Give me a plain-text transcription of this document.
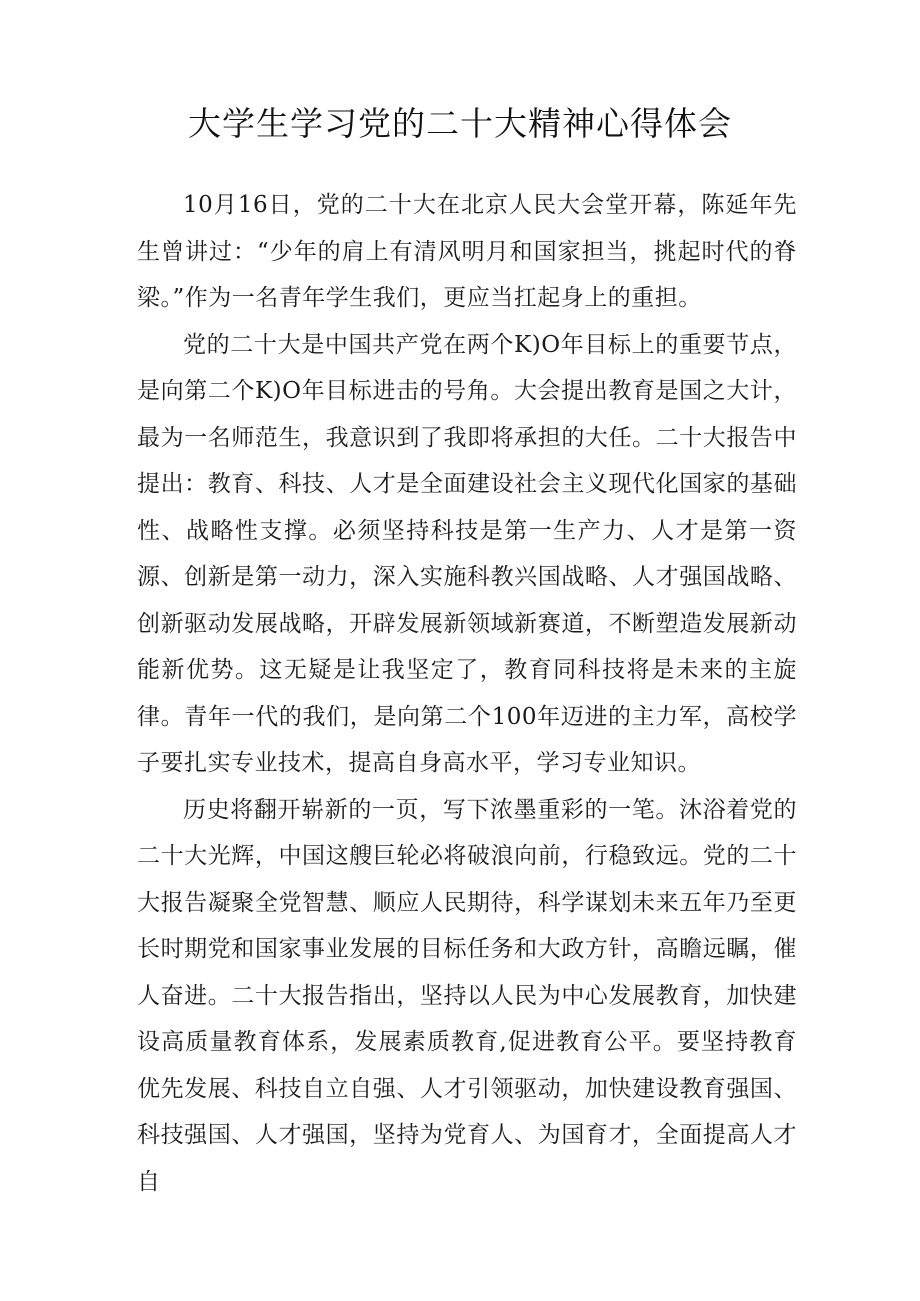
大学生学习党的二十大精神心得体会

10月16日，党的二十大在北京人民大会堂开幕，陈延年先生曾讲过：“少年的肩上有清风明月和国家担当，挑起时代的脊梁。”作为一名青年学生我们，更应当扛起身上的重担。

党的二十大是中国共产党在两个K)O年目标上的重要节点，是向第二个K)O年目标进击的号角。大会提出教育是国之大计，最为一名师范生，我意识到了我即将承担的大任。二十大报告中提出：教育、科技、人才是全面建设社会主义现代化国家的基础性、战略性支撑。必须坚持科技是第一生产力、人才是第一资源、创新是第一动力，深入实施科教兴国战略、人才强国战略、创新驱动发展战略，开辟发展新领域新赛道，不断塑造发展新动能新优势。这无疑是让我坚定了，教育同科技将是未来的主旋律。青年一代的我们，是向第二个100年迈进的主力军，高校学子要扎实专业技术，提高自身高水平，学习专业知识。

历史将翻开崭新的一页，写下浓墨重彩的一笔。沐浴着党的二十大光辉，中国这艘巨轮必将破浪向前，行稳致远。党的二十大报告凝聚全党智慧、顺应人民期待，科学谋划未来五年乃至更长时期党和国家事业发展的目标任务和大政方针，高瞻远瞩，催人奋进。二十大报告指出，坚持以人民为中心发展教育，加快建设高质量教育体系，发展素质教育,促进教育公平。要坚持教育优先发展、科技自立自强、人才引领驱动，加快建设教育强国、科技强国、人才强国，坚持为党育人、为国育才，全面提高人才自
